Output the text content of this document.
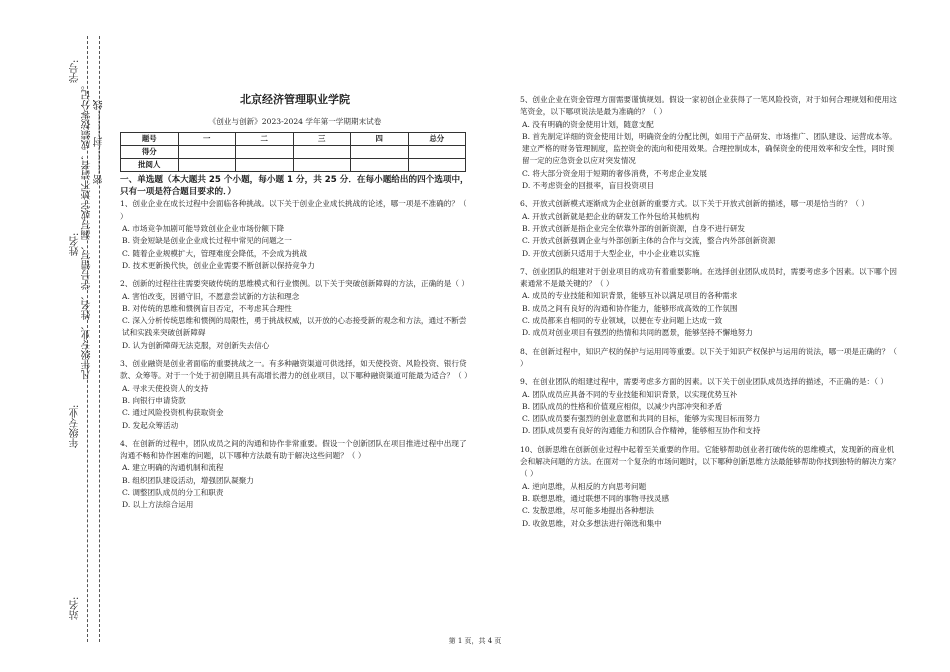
站名:
年级专业:
姓名:
学号:
凡年级专业、姓名、学号错写、漏写或字迹不清者，成绩按零分记。 密--------封--------线
北京经济管理职业学院
《创业与创新》2023-2024 学年第一学期期末试卷
题号	一	二	三	四	总分
得分					
批阅人					
一、单选题（本大题共 25 个小题，每小题 1 分，共 25 分．在每小题给出的四个选项中，只有一项是符合题目要求的．）
1、创业企业在成长过程中会面临各种挑战。以下关于创业企业成长挑战的论述，哪一项是不准确的？（ ）
A. 市场竞争加剧可能导致创业企业市场份额下降
B. 资金短缺是创业企业成长过程中常见的问题之一
C. 随着企业规模扩大，管理难度会降低，不会成为挑战
D. 技术更新换代快，创业企业需要不断创新以保持竞争力
2、创新的过程往往需要突破传统的思维模式和行业惯例。以下关于突破创新障碍的方法，正确的是（ ）
A. 害怕改变，因循守旧，不愿意尝试新的方法和理念
B. 对传统的思维和惯例盲目否定，不考虑其合理性
C. 深入分析传统思维和惯例的局限性，勇于挑战权威，以开放的心态接受新的观念和方法，通过不断尝试和实践来突破创新障碍
D. 认为创新障碍无法克服，对创新失去信心
3、创业融资是创业者面临的重要挑战之一。有多种融资渠道可供选择，如天使投资、风险投资、银行贷款、众筹等。对于一个处于初创期且具有高增长潜力的创业项目，以下哪种融资渠道可能最为适合？（ ）
A. 寻求天使投资人的支持
B. 向银行申请贷款
C. 通过风险投资机构获取资金
D. 发起众筹活动
4、在创新的过程中，团队成员之间的沟通和协作非常重要。假设一个创新团队在项目推进过程中出现了沟通不畅和协作困难的问题，以下哪种方法最有助于解决这些问题？（ ）
A. 建立明确的沟通机制和流程
B. 组织团队建设活动，增强团队凝聚力
C. 调整团队成员的分工和职责
D. 以上方法综合运用
5、创业企业在资金管理方面需要谨慎规划。假设一家初创企业获得了一笔风险投资，对于如何合理规划和使用这笔资金，以下哪项说法是最为准确的？（ ）
A. 没有明确的资金使用计划，随意支配
B. 首先制定详细的资金使用计划，明确资金的分配比例，如用于产品研发、市场推广、团队建设、运营成本等。建立严格的财务管理制度，监控资金的流向和使用效果。合理控制成本，确保资金的使用效率和安全性，同时预留一定的应急资金以应对突发情况
C. 将大部分资金用于短期的奢侈消费，不考虑企业发展
D. 不考虑资金的回报率，盲目投资项目
6、开放式创新模式逐渐成为企业创新的重要方式。以下关于开放式创新的描述，哪一项是恰当的？（ ）
A. 开放式创新就是把企业的研发工作外包给其他机构
B. 开放式创新是指企业完全依靠外部的创新资源，自身不进行研发
C. 开放式创新强调企业与外部创新主体的合作与交流，整合内外部创新资源
D. 开放式创新只适用于大型企业，中小企业难以实施
7、创业团队的组建对于创业项目的成功有着重要影响。在选择创业团队成员时，需要考虑多个因素。以下哪个因素通常不是最关键的？（ ）
A. 成员的专业技能和知识背景，能够互补以满足项目的各种需求
B. 成员之间有良好的沟通和协作能力，能够形成高效的工作氛围
C. 成员都来自相同的专业领域，以便在专业问题上达成一致
D. 成员对创业项目有强烈的热情和共同的愿景，能够坚持不懈地努力
8、在创新过程中，知识产权的保护与运用同等重要。以下关于知识产权保护与运用的说法，哪一项是正确的？（ ）
9、在创业团队的组建过程中，需要考虑多方面的因素。以下关于创业团队成员选择的描述，不正确的是：（ ）
A. 团队成员应具备不同的专业技能和知识背景，以实现优势互补
B. 团队成员的性格和价值观应相似，以减少内部冲突和矛盾
C. 团队成员要有强烈的创业意愿和共同的目标，能够为实现目标而努力
D. 团队成员要有良好的沟通能力和团队合作精神，能够相互协作和支持
10、创新思维在创新创业过程中起着至关重要的作用。它能够帮助创业者打破传统的思维模式，发现新的商业机会和解决问题的方法。在面对一个复杂的市场问题时，以下哪种创新思维方法最能够帮助你找到独特的解决方案？（ ）
A. 逆向思维，从相反的方向思考问题
B. 联想思维，通过联想不同的事物寻找灵感
C. 发散思维，尽可能多地提出各种想法
D. 收敛思维，对众多想法进行筛选和集中
第 1 页，共 4 页
